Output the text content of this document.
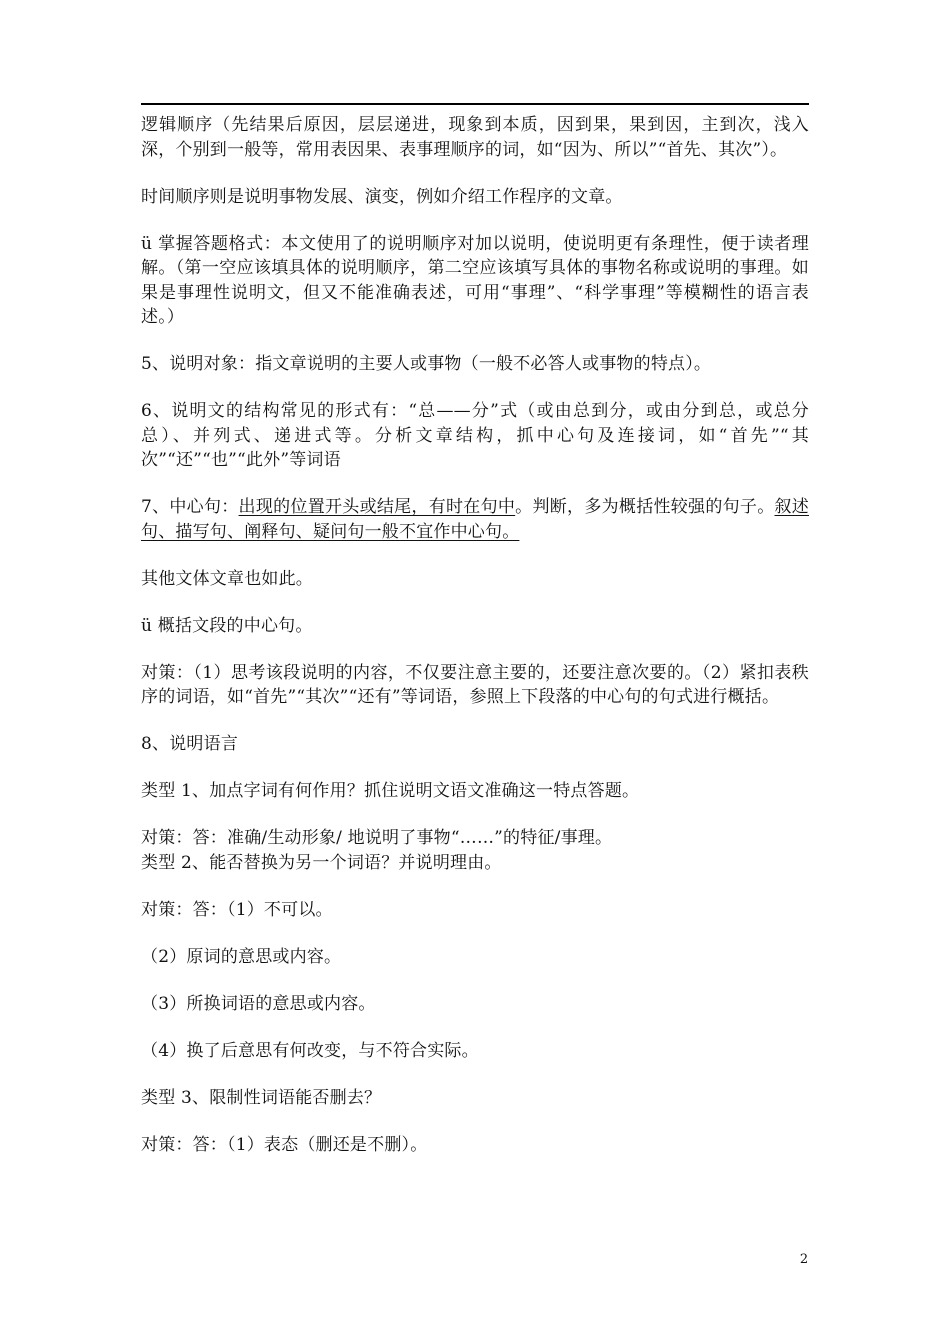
逻辑顺序（先结果后原因，层层递进，现象到本质，因到果，果到因，主到次，浅入深，个别到一般等，常用表因果、表事理顺序的词，如“因为、所以”“首先、其次”）。

时间顺序则是说明事物发展、演变，例如介绍工作程序的文章。

ü 掌握答题格式：本文使用了的说明顺序对加以说明，使说明更有条理性，便于读者理解。（第一空应该填具体的说明顺序，第二空应该填写具体的事物名称或说明的事理。如果是事理性说明文，但又不能准确表述，可用“事理”、“科学事理”等模糊性的语言表述。）

5、说明对象：指文章说明的主要人或事物（一般不必答人或事物的特点）。

6、说明文的结构常见的形式有：“总——分”式（或由总到分，或由分到总，或总分总）、并列式、递进式等。分析文章结构，抓中心句及连接词，如“首先”“其次”“还”“也”“此外”等词语

7、中心句：出现的位置开头或结尾，有时在句中。判断，多为概括性较强的句子。叙述句、描写句、阐释句、疑问句一般不宜作中心句。

其他文体文章也如此。

ü 概括文段的中心句。

对策：（1）思考该段说明的内容，不仅要注意主要的，还要注意次要的。（2）紧扣表秩序的词语，如“首先”“其次”“还有”等词语，参照上下段落的中心句的句式进行概括。

8、说明语言

类型 1、加点字词有何作用？抓住说明文语文准确这一特点答题。

对策：答：准确/生动形象/ 地说明了事物“……”的特征/事理。

类型 2、能否替换为另一个词语？并说明理由。

对策：答：（1）不可以。

（2）原词的意思或内容。

（3）所换词语的意思或内容。

（4）换了后意思有何改变，与不符合实际。

类型 3、限制性词语能否删去？

对策：答：（1）表态（删还是不删）。

2
